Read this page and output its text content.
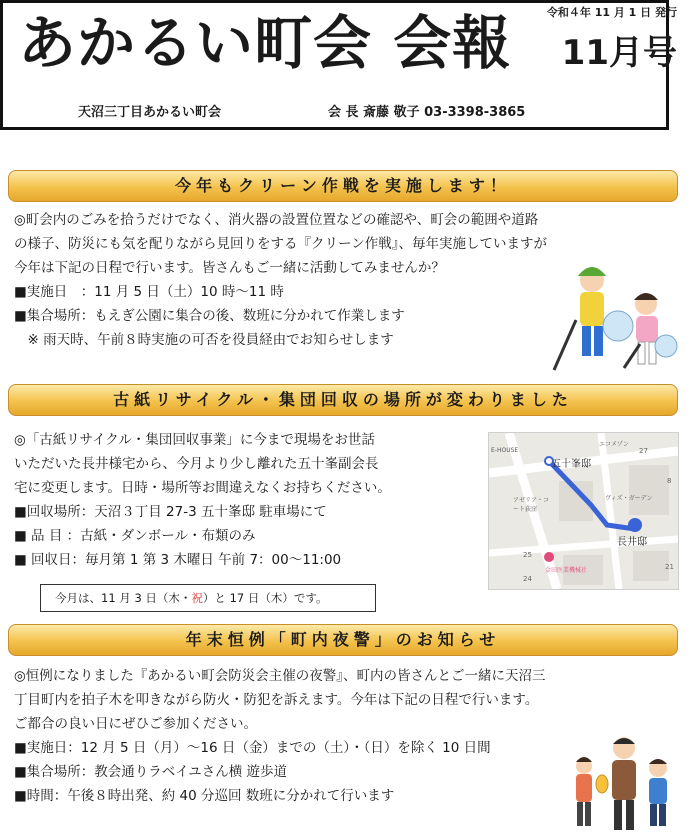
令和４年 11 月 1 日 発行
あかるい町会 会報 11月号
天沼三丁目あかるい町会	会 長 斎藤 敬子 03-3398-3865
今年もクリーン作戦を実施します！
◎町会内のごみを拾うだけでなく、消火器の設置位置などの確認や、町会の範囲や道路
の様子、防災にも気を配りながら見回りをする『クリーン作戦』、毎年実施していますが
今年は下記の日程で行います。皆さんもご一緒に活動してみませんか？
■実施日　：11 月 5 日（土）10 時〜11 時
■集合場所：もえぎ公園に集合の後、数班に分かれて作業します
　※ 雨天時、午前８時実施の可否を役員経由でお知らせします
古紙リサイクル・集団回収の場所が変わりました
◎「古紙リサイクル・集団回収事業」に今まで現場をお世話
いただいた長井様宅から、今月より少し離れた五十峯副会長
宅に変更します。日時・場所等お間違えなくお持ちください。
■回収場所：天沼３丁目 27-3 五十峯邸 駐車場にて
■ 品 目 ：古紙・ダンボール・布類のみ
■ 回収日：毎月第 1 第 3 木曜日 午前 7：00〜11:00
今月は、11 月 3 日（木・祝）と 17 日（木）です。
五十峯邸
長井邸
E-HOUSE	27
25
24
21
8
エコメゾン
アゼリア・コート荻窪
ヴィズ・ガーデン
金田医業機械社
年末恒例「町内夜警」のお知らせ
◎恒例になりました『あかるい町会防災会主催の夜警』、町内の皆さんとご一緒に天沼三
丁目町内を拍子木を叩きながら防火・防犯を訴えます。今年は下記の日程で行います。
ご都合の良い日にぜひご参加ください。
■実施日：12 月 5 日（月）〜16 日（金）までの（土）・（日）を除く 10 日間
■集合場所：教会通りラベイユさん横 遊歩道
■時間：午後８時出発、約 40 分巡回 数班に分かれて行います
